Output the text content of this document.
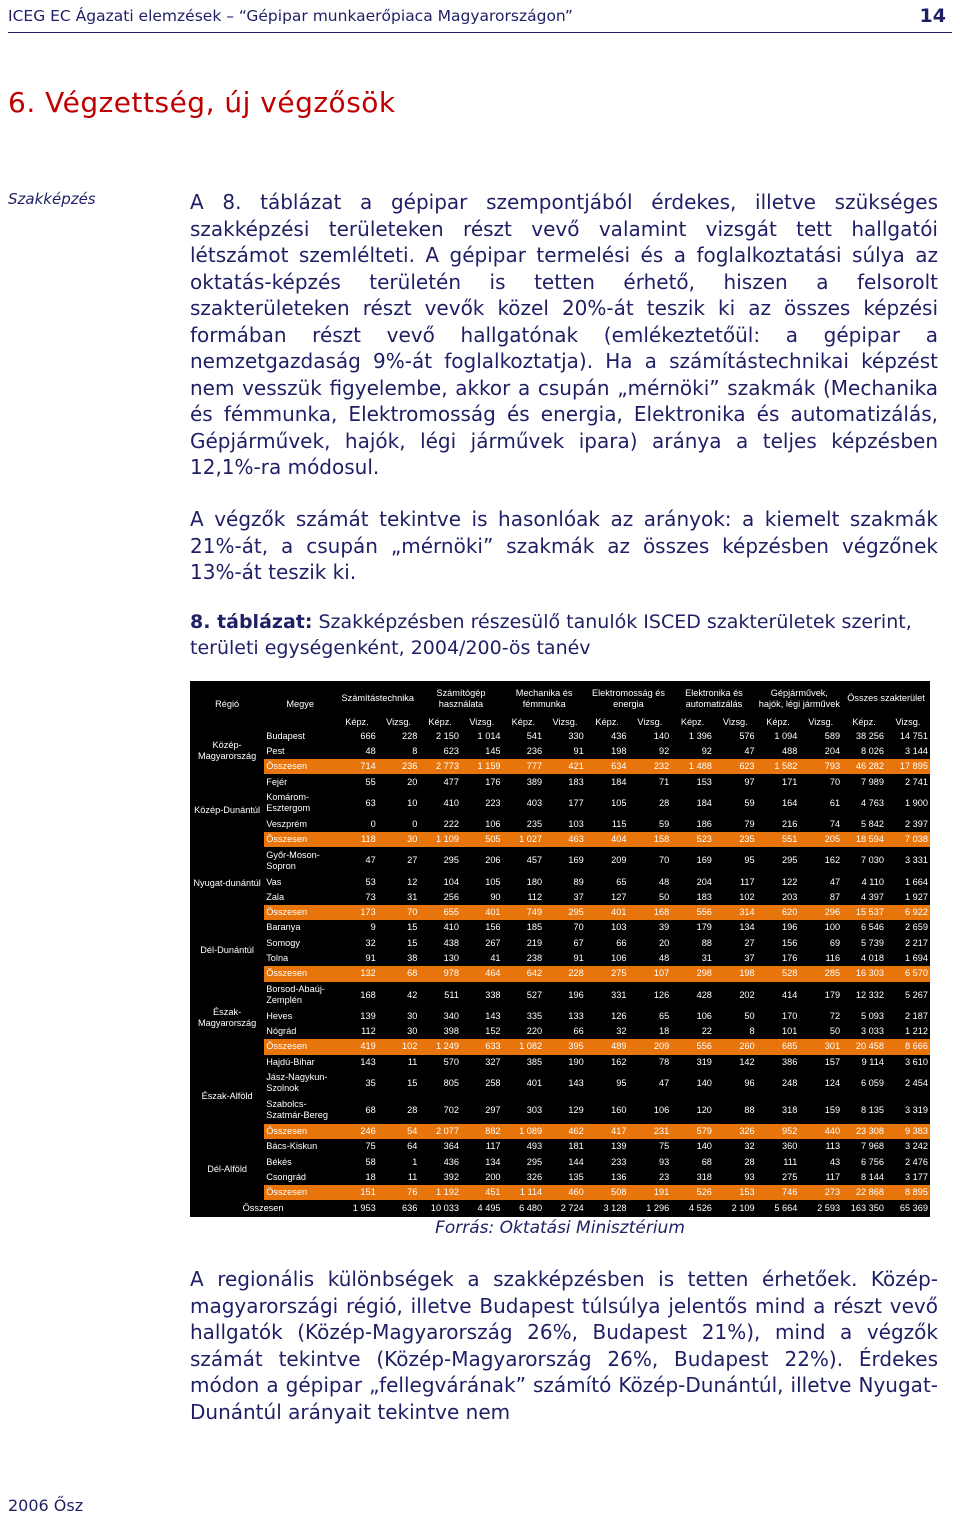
ICEG EC Ágazati elemzések – “Gépipar munkaerőpiaca Magyarországon”	14
6. Végzettség, új végzősök
Szakképzés	A 8. táblázat a gépipar szempontjából érdekes, illetve szükséges szakképzési területeken részt vevő valamint vizsgát tett hallgatói létszámot szemlélteti. A gépipar termelési és a foglalkoztatási súlya az oktatás-képzés területén is tetten érhető, hiszen a felsorolt szakterületeken részt vevők közel 20%-át teszik ki az összes képzési formában részt vevő hallgatónak (emlékeztetőül: a gépipar a nemzetgazdaság 9%-át foglalkoztatja). Ha a számítástechnikai képzést nem vesszük figyelembe, akkor a csupán „mérnöki” szakmák (Mechanika és fémmunka, Elektromosság és energia, Elektronika és automatizálás, Gépjárművek, hajók, légi járművek ipara) aránya a teljes képzésben 12,1%-ra módosul.
A végzők számát tekintve is hasonlóak az arányok: a kiemelt szakmák 21%-át, a csupán „mérnöki” szakmák az összes képzésben végzőnek 13%-át teszik ki.
8. táblázat: Szakképzésben részesülő tanulók ISCED szakterületek szerint, területi egységenként, 2004/200-ös tanév
Régió	Megye	Számítástechnika		Számítógép használata		Mechanika és fémmunka		Elektromosság és energia		Elektronika és automatizálás		Gépjárművek, hajók, légi járművek		Összes szakterület	
		Képz.	Vizsg.	Képz.	Vizsg.	Képz.	Vizsg.	Képz.	Vizsg.	Képz.	Vizsg.	Képz.	Vizsg.	Képz.	Vizsg.
Közép-Magyarország	Budapest	666	228	2 150	1 014	541	330	436	140	1 396	576	1 094	589	38 256	14 751
	Pest	48	8	623	145	236	91	198	92	92	47	488	204	8 026	3 144
	Összesen	714	236	2 773	1 159	777	421	634	232	1 488	623	1 582	793	46 282	17 895
Közép-Dunántúl	Fejér	55	20	477	176	389	183	184	71	153	97	171	70	7 989	2 741
	Komárom-Esztergom	63	10	410	223	403	177	105	28	184	59	164	61	4 763	1 900
	Veszprém	0	0	222	106	235	103	115	59	186	79	216	74	5 842	2 397
	Összesen	118	30	1 109	505	1 027	463	404	158	523	235	551	205	18 594	7 038
Nyugat-dunántúl	Győr-Moson-Sopron	47	27	295	206	457	169	209	70	169	95	295	162	7 030	3 331
	Vas	53	12	104	105	180	89	65	48	204	117	122	47	4 110	1 664
	Zala	73	31	256	90	112	37	127	50	183	102	203	87	4 397	1 927
	Összesen	173	70	655	401	749	295	401	168	556	314	620	296	15 537	6 922
Dél-Dunántúl	Baranya	9	15	410	156	185	70	103	39	179	134	196	100	6 546	2 659
	Somogy	32	15	438	267	219	67	66	20	88	27	156	69	5 739	2 217
	Tolna	91	38	130	41	238	91	106	48	31	37	176	116	4 018	1 694
	Összesen	132	68	978	464	642	228	275	107	298	198	528	285	16 303	6 570
Észak-Magyarország	Borsod-Abaúj-Zemplén	168	42	511	338	527	196	331	126	428	202	414	179	12 332	5 267
	Heves	139	30	340	143	335	133	126	65	106	50	170	72	5 093	2 187
	Nógrád	112	30	398	152	220	66	32	18	22	8	101	50	3 033	1 212
	Összesen	419	102	1 249	633	1 082	395	489	209	556	260	685	301	20 458	8 666
Észak-Alföld	Hajdú-Bihar	143	11	570	327	385	190	162	78	319	142	386	157	9 114	3 610
	Jász-Nagykun-Szolnok	35	15	805	258	401	143	95	47	140	96	248	124	6 059	2 454
	Szabolcs-Szatmár-Bereg	68	28	702	297	303	129	160	106	120	88	318	159	8 135	3 319
	Összesen	246	54	2 077	882	1 089	462	417	231	579	326	952	440	23 308	9 383
Dél-Alföld	Bács-Kiskun	75	64	364	117	493	181	139	75	140	32	360	113	7 968	3 242
	Békés	58	1	436	134	295	144	233	93	68	28	111	43	6 756	2 476
	Csongrád	18	11	392	200	326	135	136	23	318	93	275	117	8 144	3 177
	Összesen	151	76	1 192	451	1 114	460	508	191	526	153	746	273	22 868	8 895
Összesen		1 953	636	10 033	4 495	6 480	2 724	3 128	1 296	4 526	2 109	5 664	2 593	163 350	65 369
Forrás: Oktatási Minisztérium
A regionális különbségek a szakképzésben is tetten érhetőek. Közép-magyarországi régió, illetve Budapest túlsúlya jelentős mind a részt vevő hallgatók (Közép-Magyarország 26%, Budapest 21%), mind a végzők számát tekintve (Közép-Magyarország 26%, Budapest 22%). Érdekes módon a gépipar „fellegvárának” számító Közép-Dunántúl, illetve Nyugat-Dunántúl arányait tekintve nem
2006 Ősz
